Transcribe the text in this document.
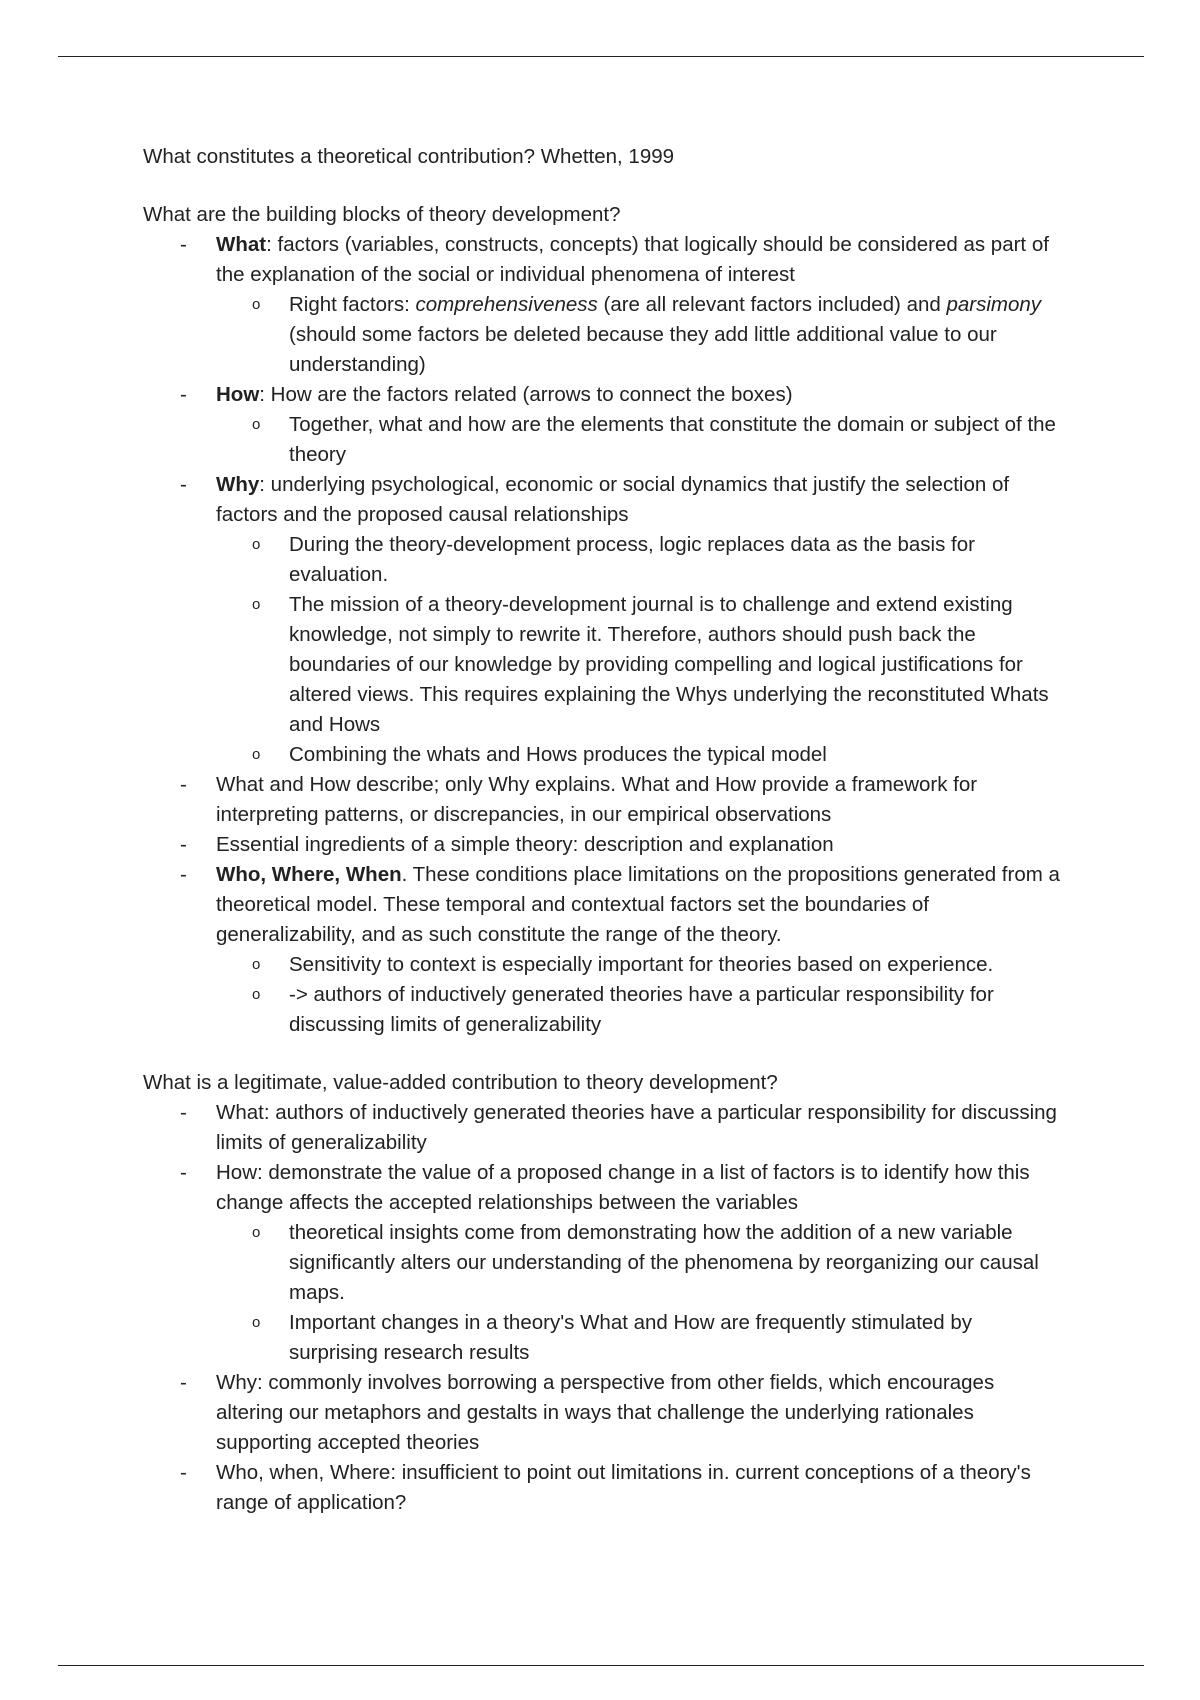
What constitutes a theoretical contribution? Whetten, 1999

What are the building blocks of theory development?

- What: factors (variables, constructs, concepts) that logically should be considered as part of the explanation of the social or individual phenomena of interest
o Right factors: comprehensiveness (are all relevant factors included) and parsimony (should some factors be deleted because they add little additional value to our understanding)
- How: How are the factors related (arrows to connect the boxes)
o Together, what and how are the elements that constitute the domain or subject of the theory
- Why: underlying psychological, economic or social dynamics that justify the selection of factors and the proposed causal relationships
o During the theory-development process, logic replaces data as the basis for evaluation.
o The mission of a theory-development journal is to challenge and extend existing knowledge, not simply to rewrite it. Therefore, authors should push back the boundaries of our knowledge by providing compelling and logical justifications for altered views. This requires explaining the Whys underlying the reconstituted Whats and Hows
o Combining the whats and Hows produces the typical model
- What and How describe; only Why explains. What and How provide a framework for interpreting patterns, or discrepancies, in our empirical observations
- Essential ingredients of a simple theory: description and explanation
- Who, Where, When. These conditions place limitations on the propositions generated from a theoretical model. These temporal and contextual factors set the boundaries of generalizability, and as such constitute the range of the theory.
o Sensitivity to context is especially important for theories based on experience.
o -> authors of inductively generated theories have a particular responsibility for discussing limits of generalizability

What is a legitimate, value-added contribution to theory development?

- What: authors of inductively generated theories have a particular responsibility for discussing limits of generalizability
- How: demonstrate the value of a proposed change in a list of factors is to identify how this change affects the accepted relationships between the variables
o theoretical insights come from demonstrating how the addition of a new variable significantly alters our understanding of the phenomena by reorganizing our causal maps.
o Important changes in a theory's What and How are frequently stimulated by surprising research results
- Why: commonly involves borrowing a perspective from other fields, which encourages altering our metaphors and gestalts in ways that challenge the underlying rationales supporting accepted theories
- Who, when, Where: insufficient to point out limitations in. current conceptions of a theory's range of application?
